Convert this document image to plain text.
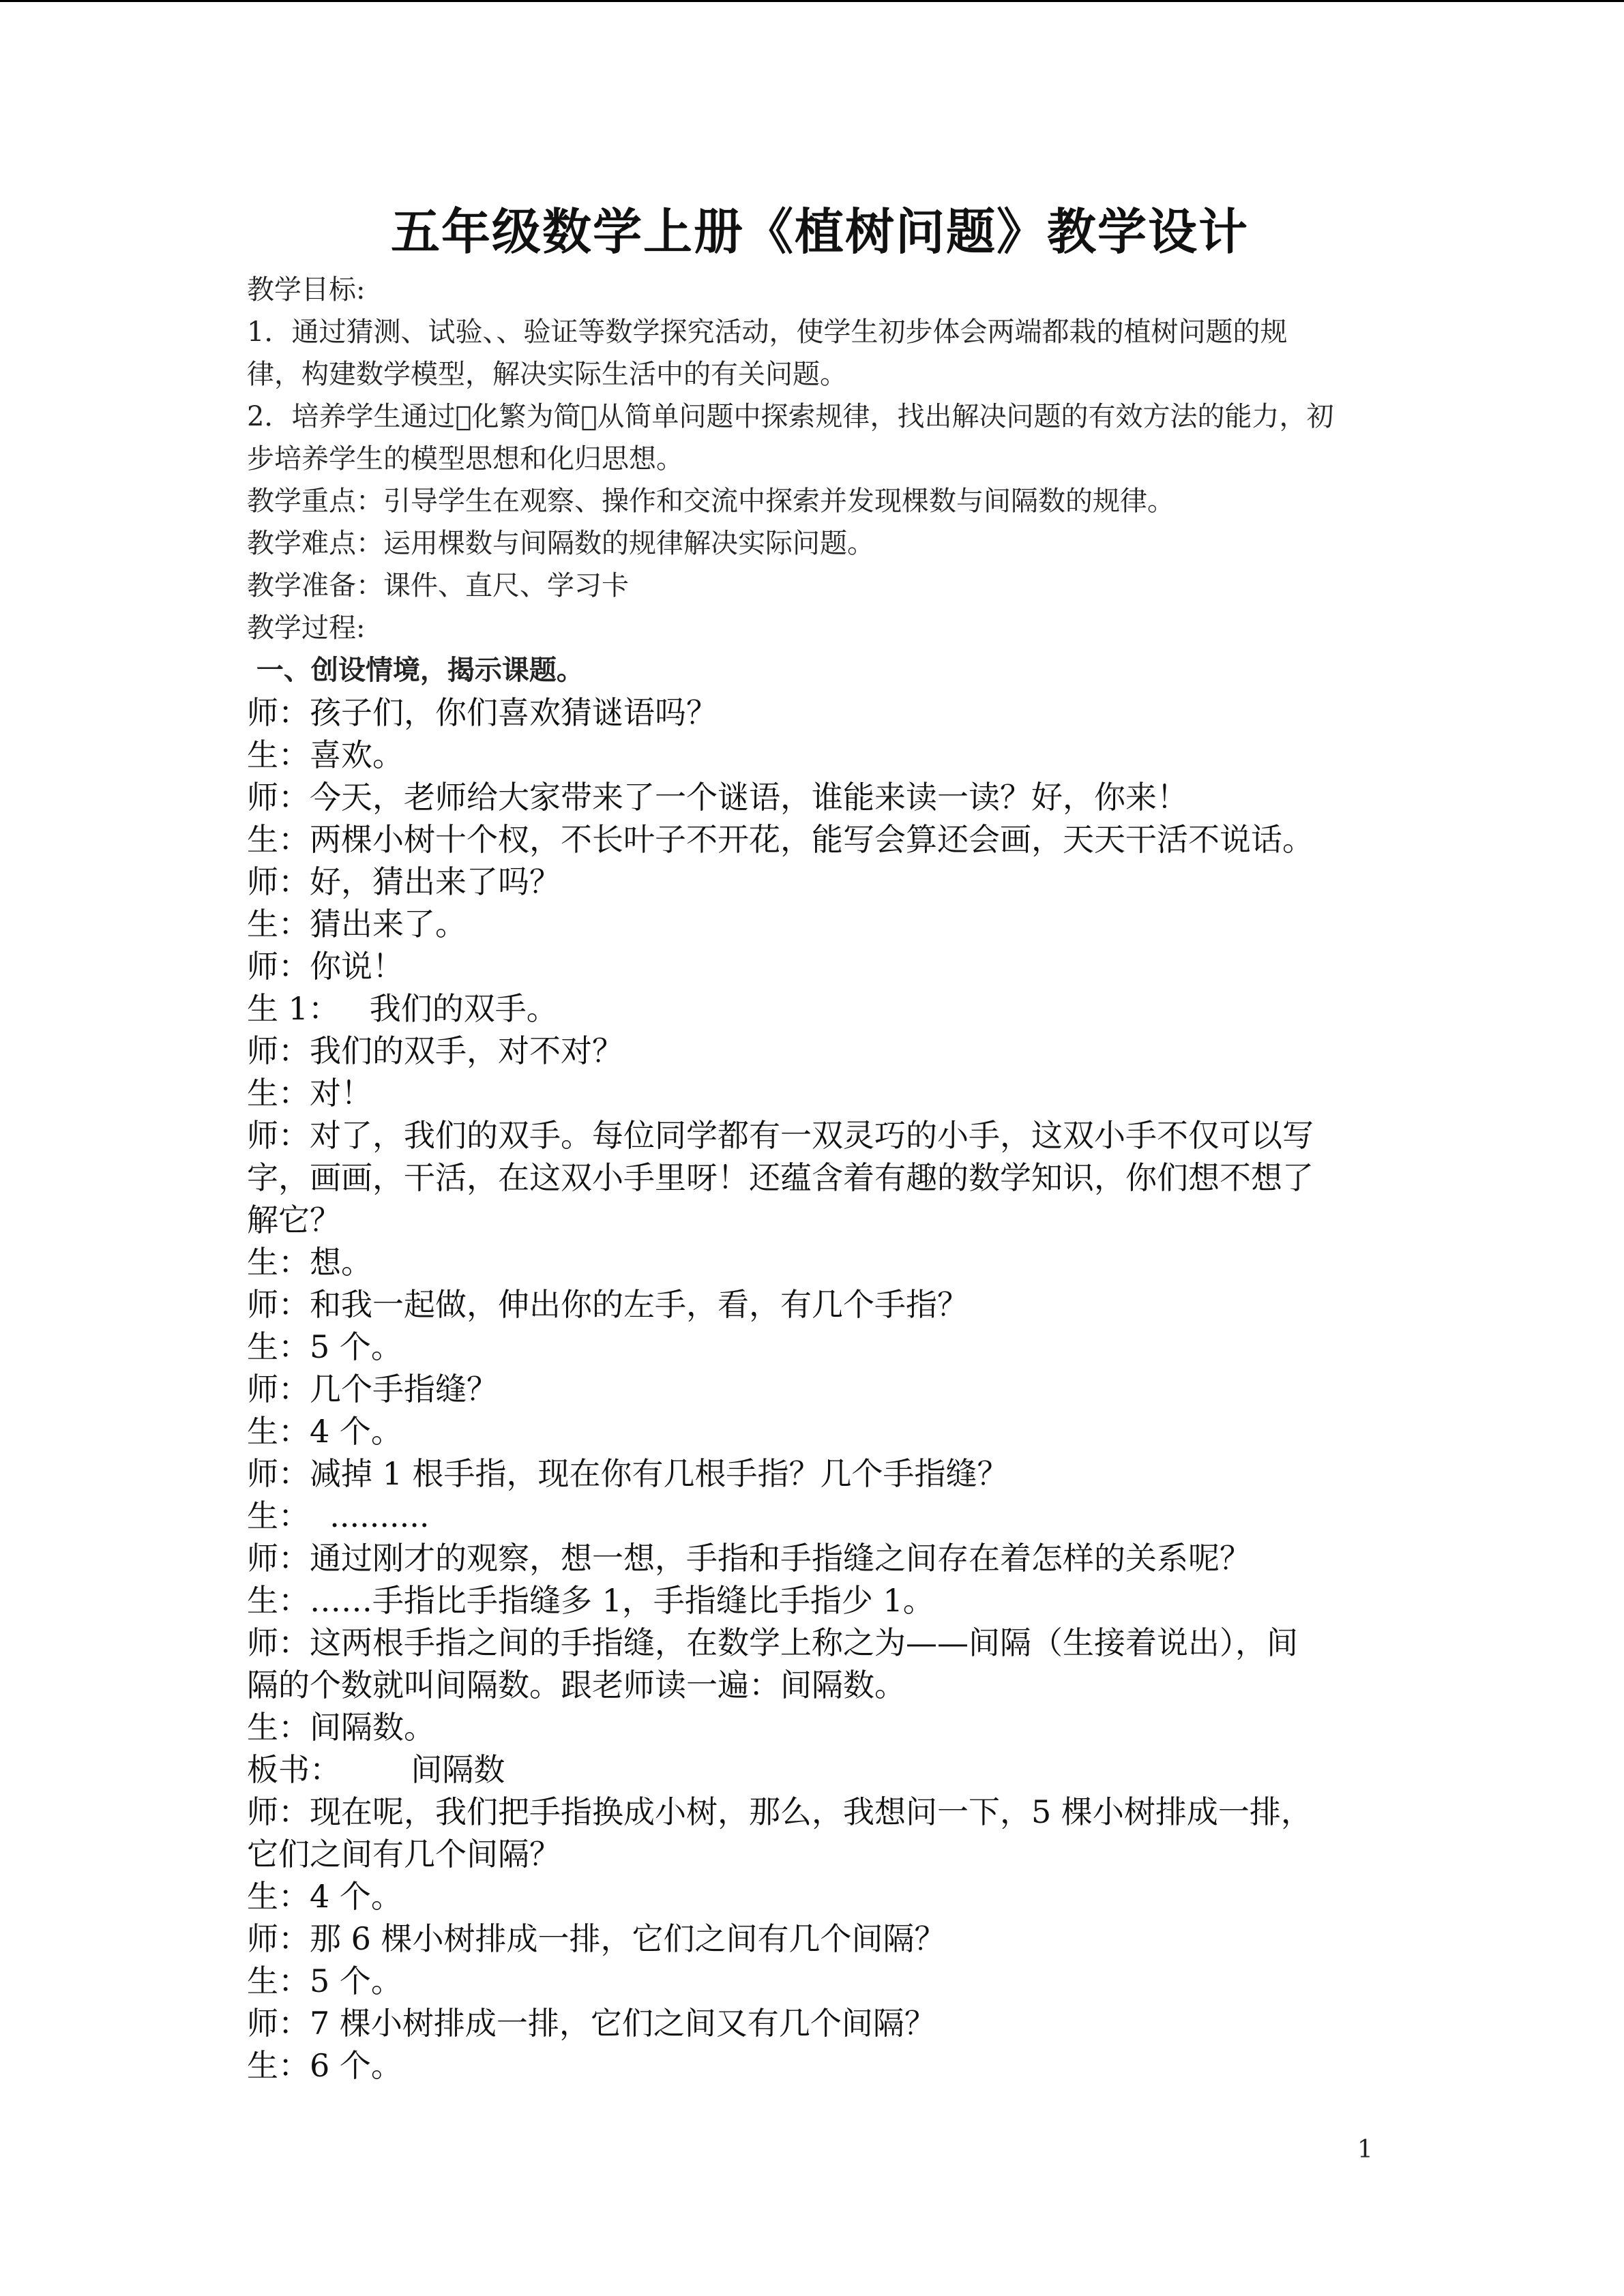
五年级数学上册《植树问题》教学设计
教学目标:
1．通过猜测、试验、、验证等数学探究活动，使学生初步体会两端都栽的植树问题的规
律，构建数学模型，解决实际生活中的有关问题。
2．培养学生通过 化繁为简 从简单问题中探索规律，找出解决问题的有效方法的能力，初
步培养学生的模型思想和化归思想。
教学重点：引导学生在观察、操作和交流中探索并发现棵数与间隔数的规律。
教学难点：运用棵数与间隔数的规律解决实际问题。
教学准备：课件、直尺、学习卡
教学过程:
一、创设情境，揭示课题。
师：孩子们，你们喜欢猜谜语吗？
生：喜欢。
师：今天，老师给大家带来了一个谜语，谁能来读一读？好，你来！
生：两棵小树十个杈，不长叶子不开花，能写会算还会画，天天干活不说话。
师：好，猜出来了吗？
生：猜出来了。
师：你说！
生 1：   我们的双手。
师：我们的双手，对不对？
生：对！
师：对了，我们的双手。每位同学都有一双灵巧的小手，这双小手不仅可以写
字，画画，干活，在这双小手里呀！还蕴含着有趣的数学知识，你们想不想了
解它？
生：想。
师：和我一起做，伸出你的左手，看，有几个手指？
生：5 个。
师：几个手指缝？
生：4 个。
师：减掉 1 根手指，现在你有几根手指？几个手指缝？
生：  ..........
师：通过刚才的观察，想一想，手指和手指缝之间存在着怎样的关系呢？
生：……手指比手指缝多 1，手指缝比手指少 1。
师：这两根手指之间的手指缝，在数学上称之为——间隔（生接着说出），间
隔的个数就叫间隔数。跟老师读一遍：间隔数。
生：间隔数。
板书：       间隔数
师：现在呢，我们把手指换成小树，那么，我想问一下，5 棵小树排成一排，
它们之间有几个间隔？
生：4 个。
师：那 6 棵小树排成一排，它们之间有几个间隔？
生：5 个。
师：7 棵小树排成一排，它们之间又有几个间隔？
生：6 个。
1
